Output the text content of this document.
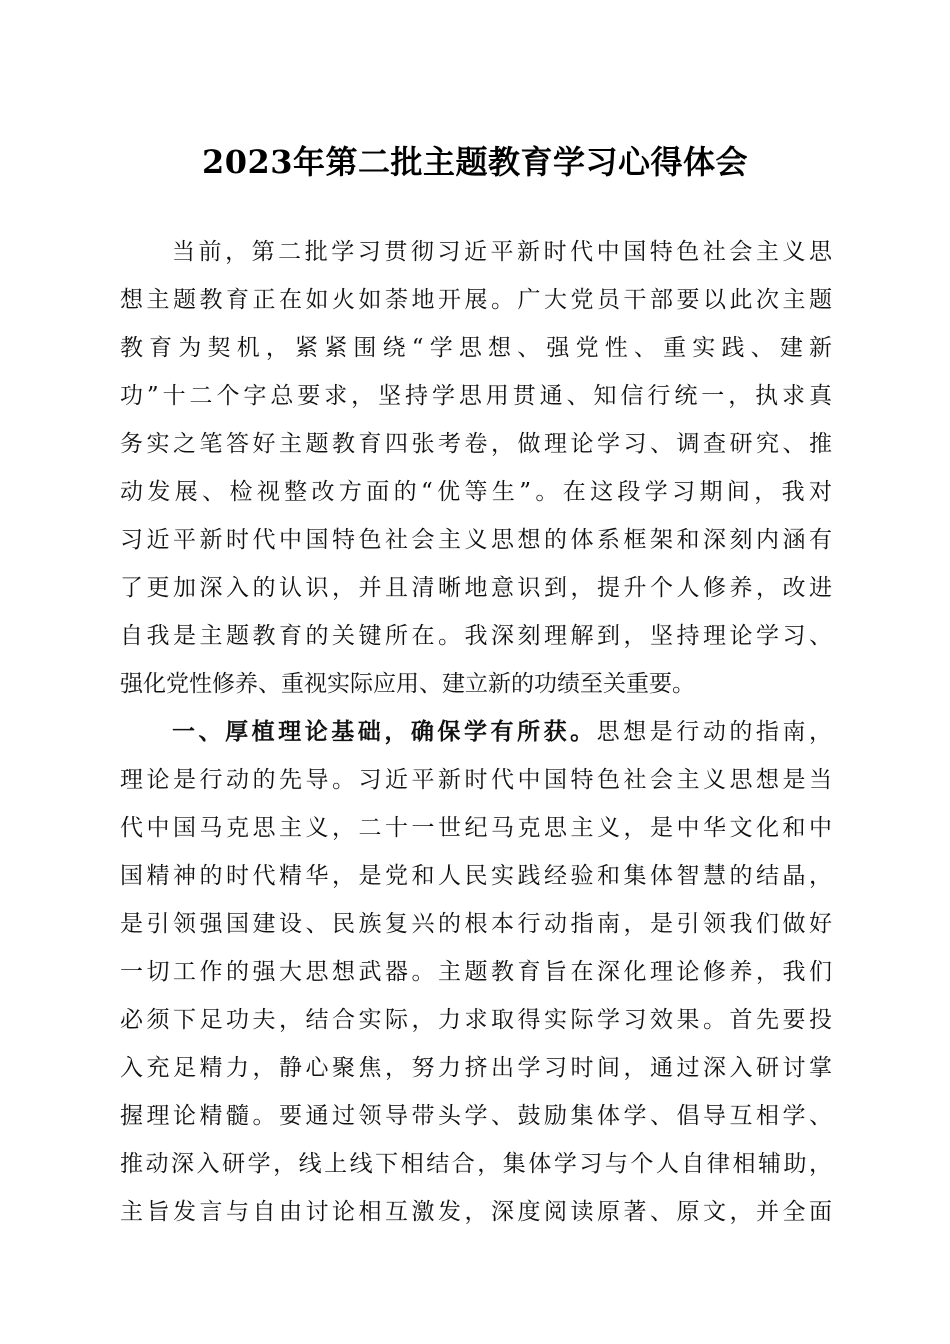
2023年第二批主题教育学习心得体会
当前，第二批学习贯彻习近平新时代中国特色社会主义思
想主题教育正在如火如荼地开展。广大党员干部要以此次主题
教育为契机，紧紧围绕“学思想、强党性、重实践、建新
功”十二个字总要求，坚持学思用贯通、知信行统一，执求真
务实之笔答好主题教育四张考卷，做理论学习、调查研究、推
动发展、检视整改方面的“优等生”。在这段学习期间，我对
习近平新时代中国特色社会主义思想的体系框架和深刻内涵有
了更加深入的认识，并且清晰地意识到，提升个人修养，改进
自我是主题教育的关键所在。我深刻理解到，坚持理论学习、
强化党性修养、重视实际应用、建立新的功绩至关重要。
一、厚植理论基础，确保学有所获。思想是行动的指南，
理论是行动的先导。习近平新时代中国特色社会主义思想是当
代中国马克思主义，二十一世纪马克思主义，是中华文化和中
国精神的时代精华，是党和人民实践经验和集体智慧的结晶，
是引领强国建设、民族复兴的根本行动指南，是引领我们做好
一切工作的强大思想武器。主题教育旨在深化理论修养，我们
必须下足功夫，结合实际，力求取得实际学习效果。首先要投
入充足精力，静心聚焦，努力挤出学习时间，通过深入研讨掌
握理论精髓。要通过领导带头学、鼓励集体学、倡导互相学、
推动深入研学，线上线下相结合，集体学习与个人自律相辅助，
主旨发言与自由讨论相互激发，深度阅读原著、原文，并全面
